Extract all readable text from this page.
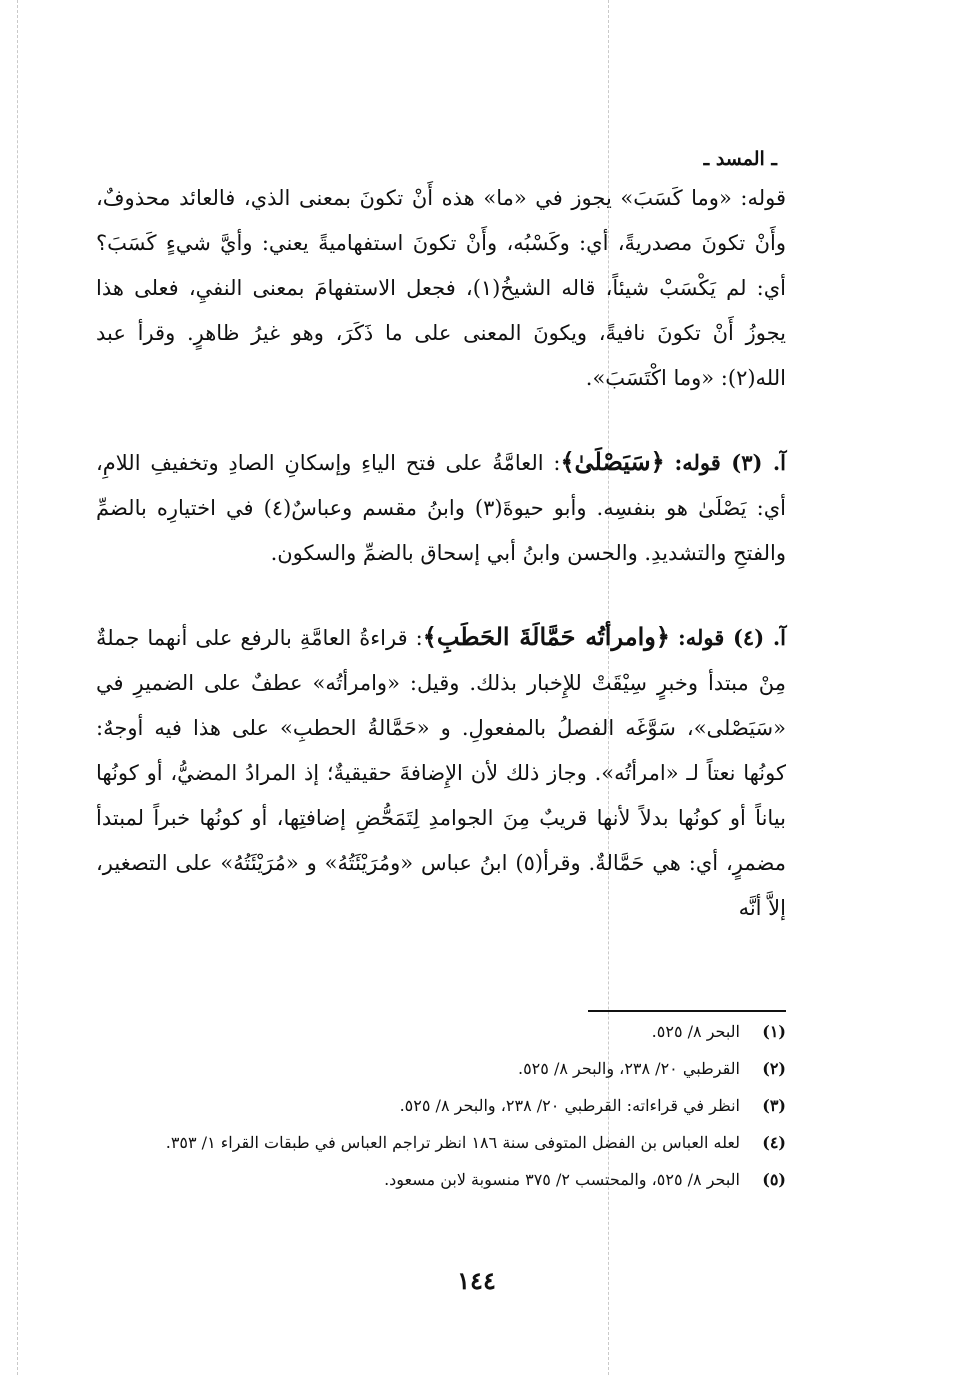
ـ المسد ـ

قوله: «وما كَسَبَ» يجوز في «ما» هذه أَنْ تكونَ بمعنى الذي، فالعائد محذوفٌ، وأَنْ تكونَ مصدريةً، أي: وكَسْبُه، وأَنْ تكونَ استفهاميةً يعني: وأيَّ شيءٍ كَسَبَ؟ أي: لم يَكْسَبْ شيئاً، قاله الشيخُ(١)، فجعل الاستفهامَ بمعنى النفيِ، فعلى هذا يجوزُ أَنْ تكونَ نافيةً، ويكونَ المعنى على ما ذَكَرَ، وهو غيرُ ظاهرٍ. وقرأ عبد الله(٢): «وما اكْتَسَبَ».

آ. (٣) قوله: ﴿سَيَصْلَىٰ﴾: العامَّةُ على فتح الياءِ وإسكانِ الصادِ وتخفيفِ اللامِ، أي: يَصْلَىٰ هو بنفسِه. وأبو حيوةَ(٣) وابنُ مقسم وعباسٌ(٤) في اختيارِه بالضمِّ والفتحِ والتشديدِ. والحسن وابنُ أبي إسحاق بالضمِّ والسكون.

آ. (٤) قوله: ﴿وامرأتُه حَمَّالَةَ الحَطَبِ﴾: قراءةُ العامَّةِ بالرفع على أنهما جملةٌ مِنْ مبتدأ وخبرٍ سِيْقَتْ للإِخبار بذلك. وقيل: «وامرأتُه» عطفٌ على الضميرِ في «سَيَصْلى»، سَوَّغَه الفصلُ بالمفعولِ. و «حَمَّالةُ الحطبِ» على هذا فيه أوجهٌ: كونُها نعتاً لـ «امرأتُه». وجاز ذلك لأن الإِضافةَ حقيقيةٌ؛ إذ المرادُ المضيُّ، أو كونُها بياناً أو كونُها بدلاً لأنها قريبٌ مِنَ الجوامدِ لِتَمَحُّضِ إضافتِها، أو كونُها خبراً لمبتدأ مضمرٍ، أي: هي حَمَّالةٌ. وقرأ(٥) ابنُ عباس «ومُرَيْئَتُهُ» و «مُرَيْئَتُهُ» على التصغير، إلاَّ أنَّه

(١)
البحر ٨/ ٥٢٥.
(٢)
القرطبي ٢٠/ ٢٣٨، والبحر ٨/ ٥٢٥.
(٣)
انظر في قراءاته: القرطبي ٢٠/ ٢٣٨، والبحر ٨/ ٥٢٥.
(٤)
لعله العباس بن الفضل المتوفى سنة ١٨٦ انظر تراجم العباس في طبقات القراء ١/ ٣٥٣.
(٥)
البحر ٨/ ٥٢٥، والمحتسب ٢/ ٣٧٥ منسوبة لابن مسعود.
١٤٤
